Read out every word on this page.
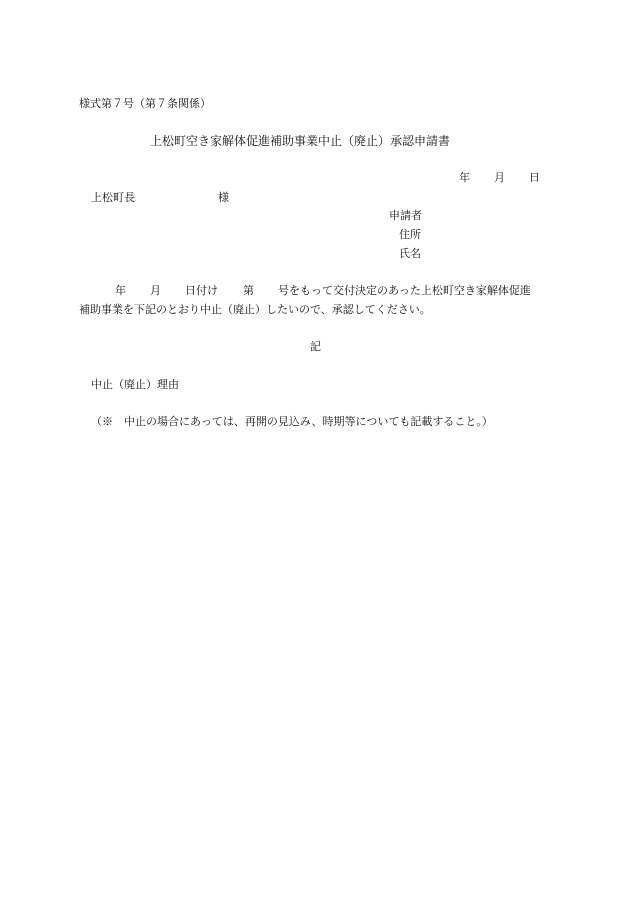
様式第７号（第７条関係）
上松町空き家解体促進補助事業中止（廃止）承認申請書
年 月 日
上松町長	様
申請者
住所
氏名
年 月 日付け 第 号をもって交付決定のあった上松町空き家解体促進
補助事業を下記のとおり中止（廃止）したいので、承認してください。
記
中止（廃止）理由
（※　中止の場合にあっては、再開の見込み、時期等についても記載すること。）
